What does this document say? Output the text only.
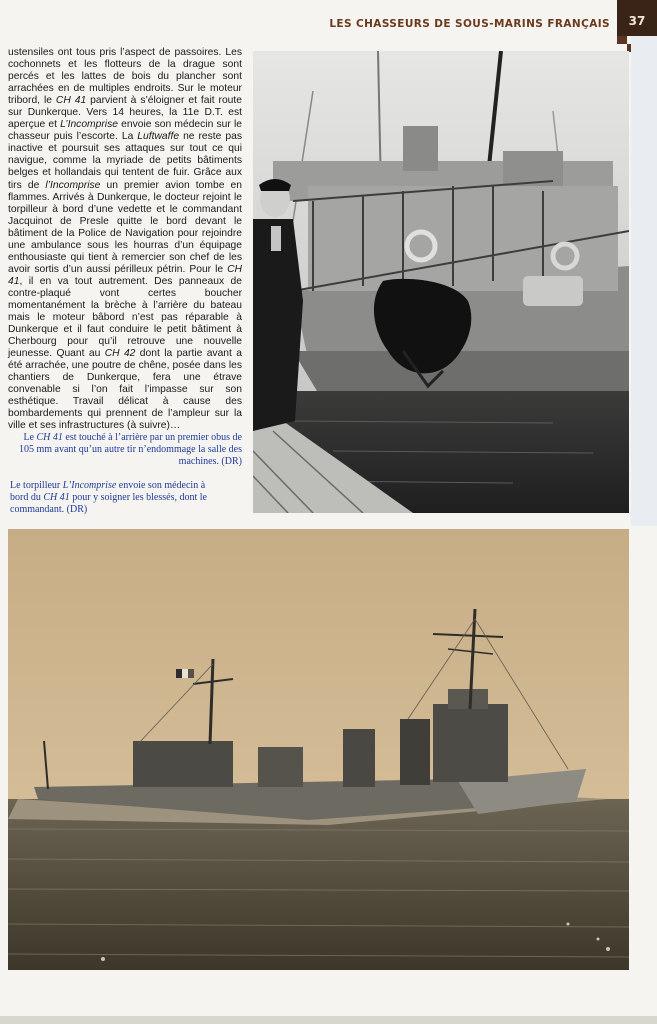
LES CHASSEURS DE SOUS-MARINS FRANÇAIS	37

ustensiles ont tous pris l’aspect de passoires. Les cochonnets et les flotteurs de la drague sont percés et les lattes de bois du plancher sont arrachées en de multiples endroits. Sur le moteur tribord, le CH 41 parvient à s’éloigner et fait route sur Dunkerque. Vers 14 heures, la 11e D.T. est aperçue et L’Incomprise envoie son médecin sur le chasseur puis l’escorte. La Luftwaffe ne reste pas inactive et poursuit ses attaques sur tout ce qui navigue, comme la myriade de petits bâtiments belges et hollandais qui tentent de fuir. Grâce aux tirs de l’Incomprise un premier avion tombe en flammes. Arrivés à Dunkerque, le docteur rejoint le torpilleur à bord d’une vedette et le commandant Jacquinot de Presle quitte le bord devant le bâtiment de la Police de Navigation pour rejoindre une ambulance sous les hourras d’un équipage enthousiaste qui tient à remercier son chef de les avoir sortis d’un aussi périlleux pétrin. Pour le CH 41, il en va tout autrement. Des panneaux de contre-plaqué vont certes boucher momentanément la brèche à l’arrière du bateau mais le moteur bâbord n’est pas réparable à Dunkerque et il faut conduire le petit bâtiment à Cherbourg pour qu’il retrouve une nouvelle jeunesse. Quant au CH 42 dont la partie avant a été arrachée, une poutre de chêne, posée dans les chantiers de Dunkerque, fera une étrave convenable si l’on fait l’impasse sur son esthétique. Travail délicat à cause des bombardements qui prennent de l’ampleur sur la ville et ses infrastructures (à suivre)…

Le CH 41 est touché à l’arrière par un premier obus de 105 mm avant qu’un autre tir n’endommage la salle des machines. (DR)

Le torpilleur L’Incomprise envoie son médecin à bord du CH 41 pour y soigner les blessés, dont le commandant. (DR)
